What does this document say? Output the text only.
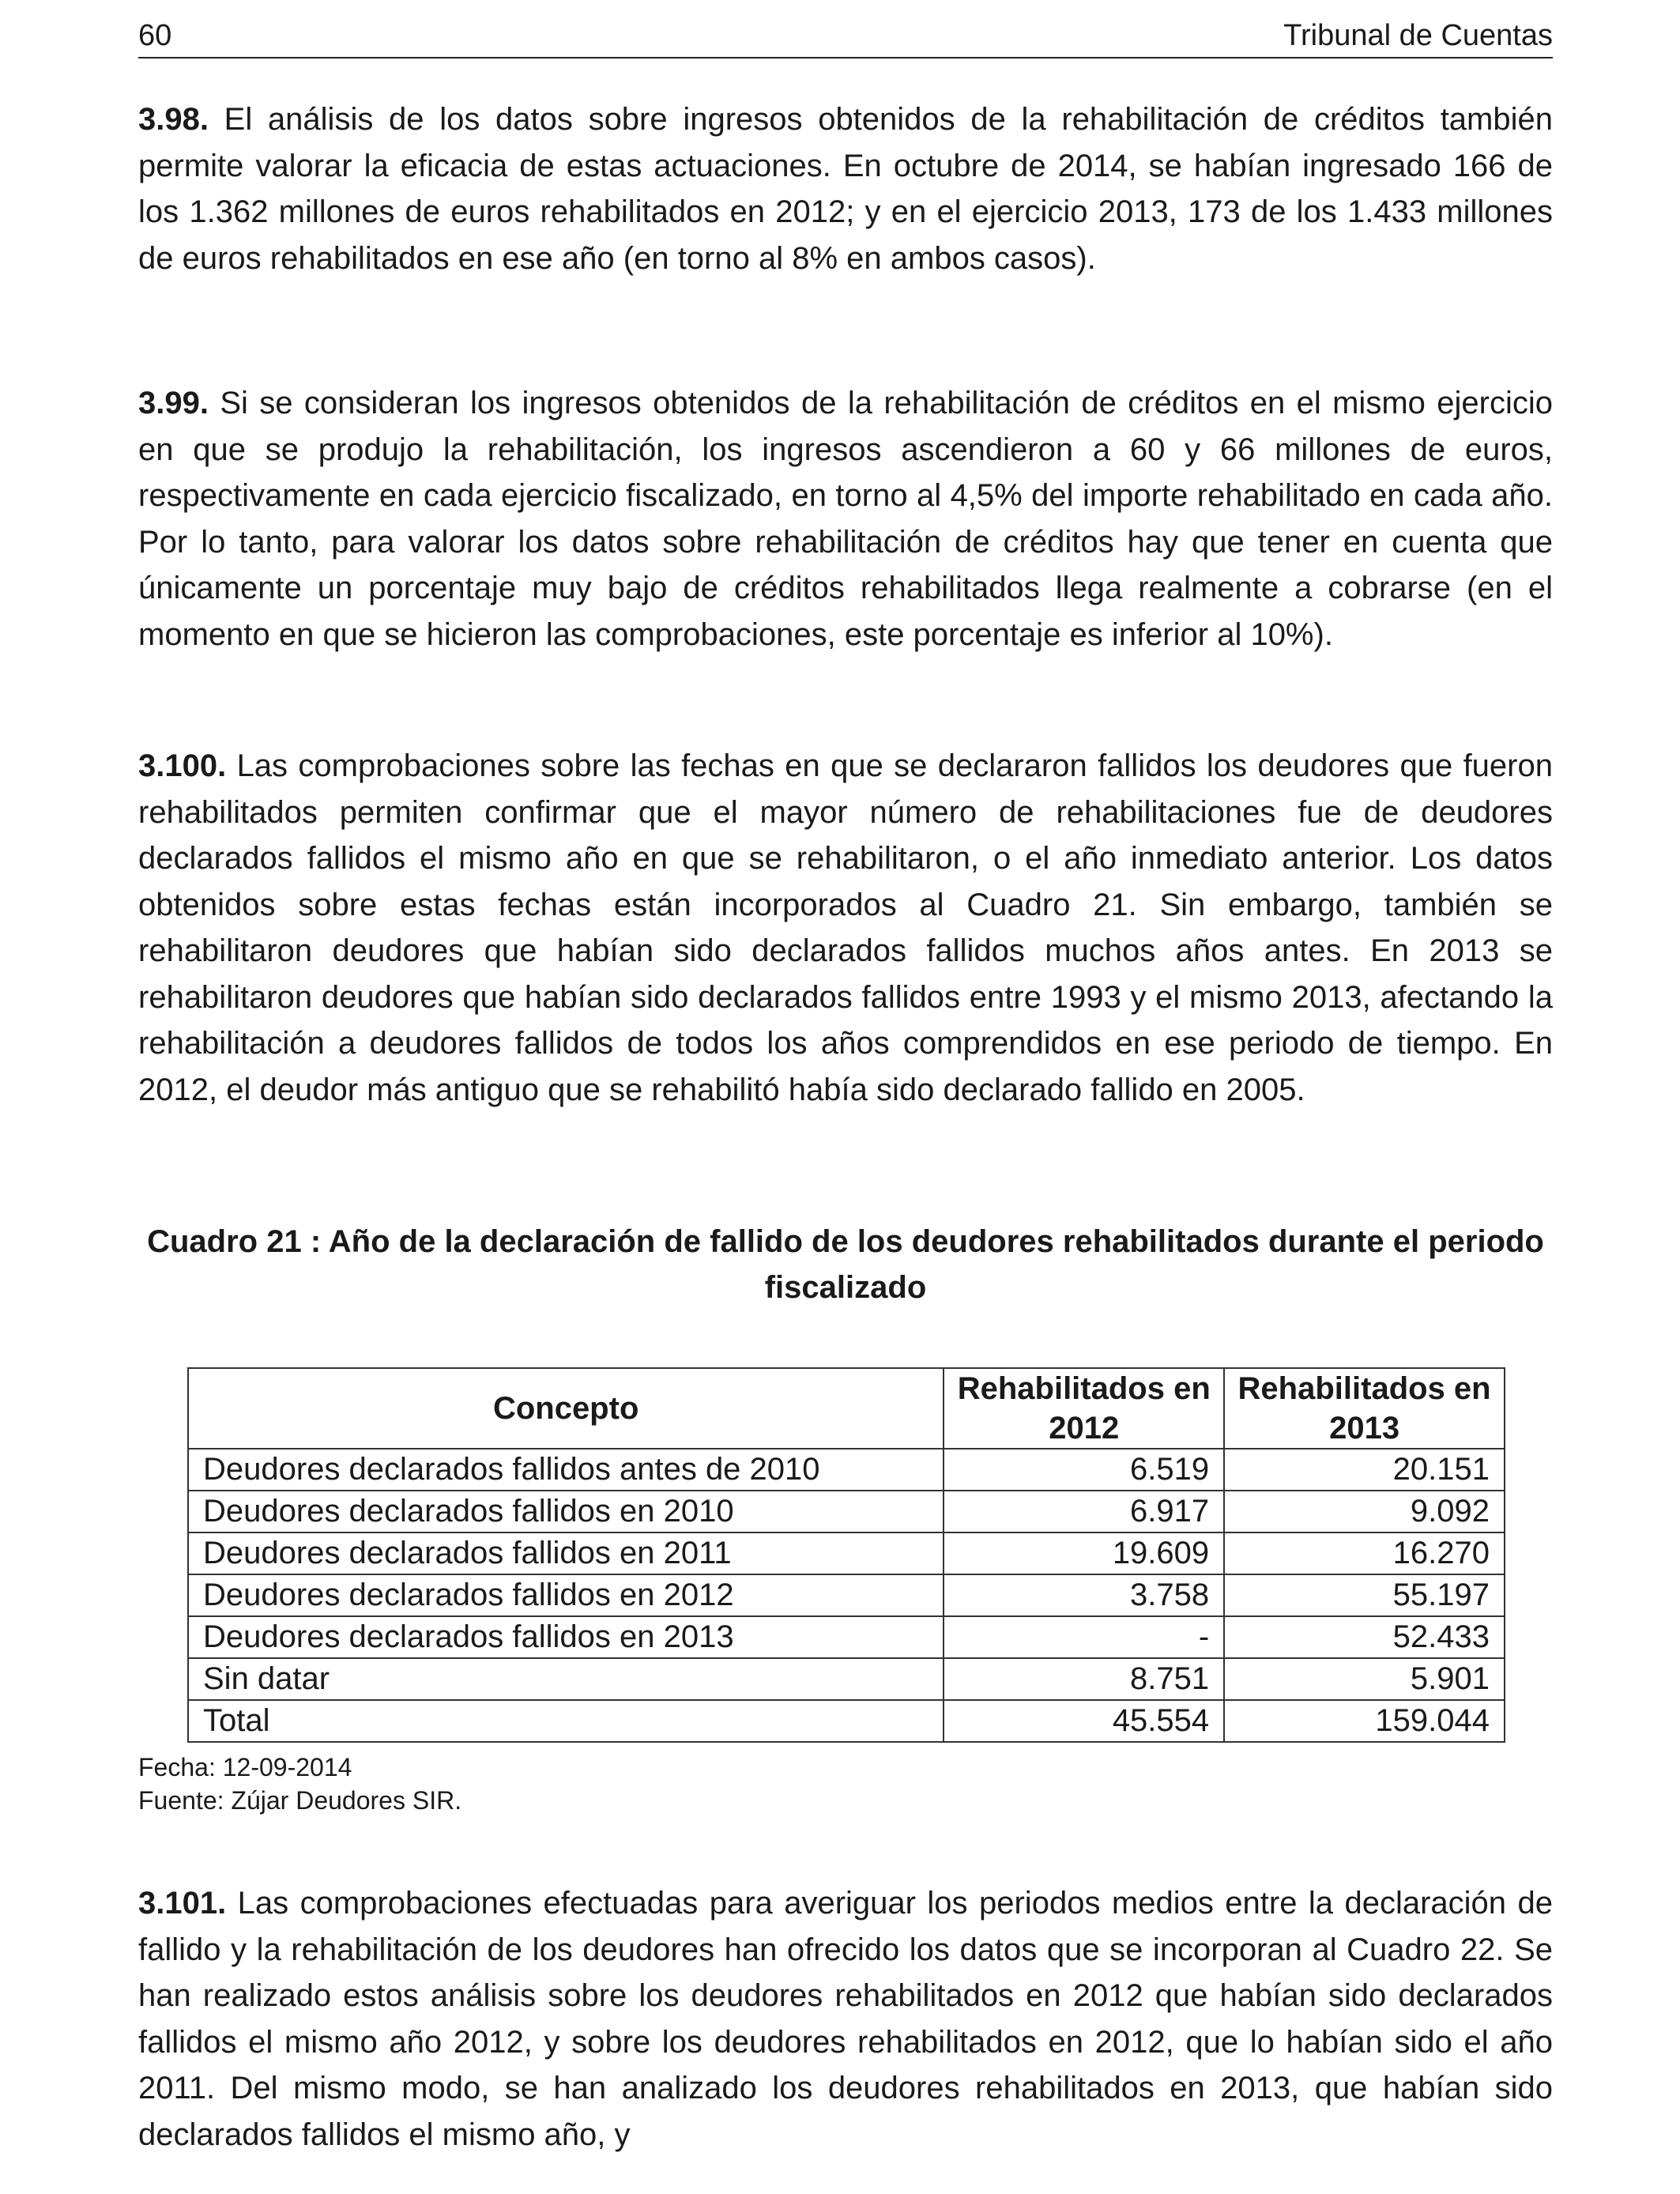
60	Tribunal de Cuentas

3.98. El análisis de los datos sobre ingresos obtenidos de la rehabilitación de créditos también permite valorar la eficacia de estas actuaciones. En octubre de 2014, se habían ingresado 166 de los 1.362 millones de euros rehabilitados en 2012; y en el ejercicio 2013, 173 de los 1.433 millones de euros rehabilitados en ese año (en torno al 8% en ambos casos).

3.99. Si se consideran los ingresos obtenidos de la rehabilitación de créditos en el mismo ejercicio en que se produjo la rehabilitación, los ingresos ascendieron a 60 y 66 millones de euros, respectivamente en cada ejercicio fiscalizado, en torno al 4,5% del importe rehabilitado en cada año. Por lo tanto, para valorar los datos sobre rehabilitación de créditos hay que tener en cuenta que únicamente un porcentaje muy bajo de créditos rehabilitados llega realmente a cobrarse (en el momento en que se hicieron las comprobaciones, este porcentaje es inferior al 10%).

3.100. Las comprobaciones sobre las fechas en que se declararon fallidos los deudores que fueron rehabilitados permiten confirmar que el mayor número de rehabilitaciones fue de deudores declarados fallidos el mismo año en que se rehabilitaron, o el año inmediato anterior. Los datos obtenidos sobre estas fechas están incorporados al Cuadro 21. Sin embargo, también se rehabilitaron deudores que habían sido declarados fallidos muchos años antes. En 2013 se rehabilitaron deudores que habían sido declarados fallidos entre 1993 y el mismo 2013, afectando la rehabilitación a deudores fallidos de todos los años comprendidos en ese periodo de tiempo. En 2012, el deudor más antiguo que se rehabilitó había sido declarado fallido en 2005.

Cuadro 21 : Año de la declaración de fallido de los deudores rehabilitados durante el periodo fiscalizado
Concepto	Rehabilitados en 2012	Rehabilitados en 2013
Deudores declarados fallidos antes de 2010	6.519	20.151
Deudores declarados fallidos en 2010	6.917	9.092
Deudores declarados fallidos en 2011	19.609	16.270
Deudores declarados fallidos en 2012	3.758	55.197
Deudores declarados fallidos en 2013	-	52.433
Sin datar	8.751	5.901
Total	45.554	159.044
Fecha: 12-09-2014
Fuente: Zújar Deudores SIR.

3.101. Las comprobaciones efectuadas para averiguar los periodos medios entre la declaración de fallido y la rehabilitación de los deudores han ofrecido los datos que se incorporan al Cuadro 22. Se han realizado estos análisis sobre los deudores rehabilitados en 2012 que habían sido declarados fallidos el mismo año 2012, y sobre los deudores rehabilitados en 2012, que lo habían sido el año 2011. Del mismo modo, se han analizado los deudores rehabilitados en 2013, que habían sido declarados fallidos el mismo año, y
